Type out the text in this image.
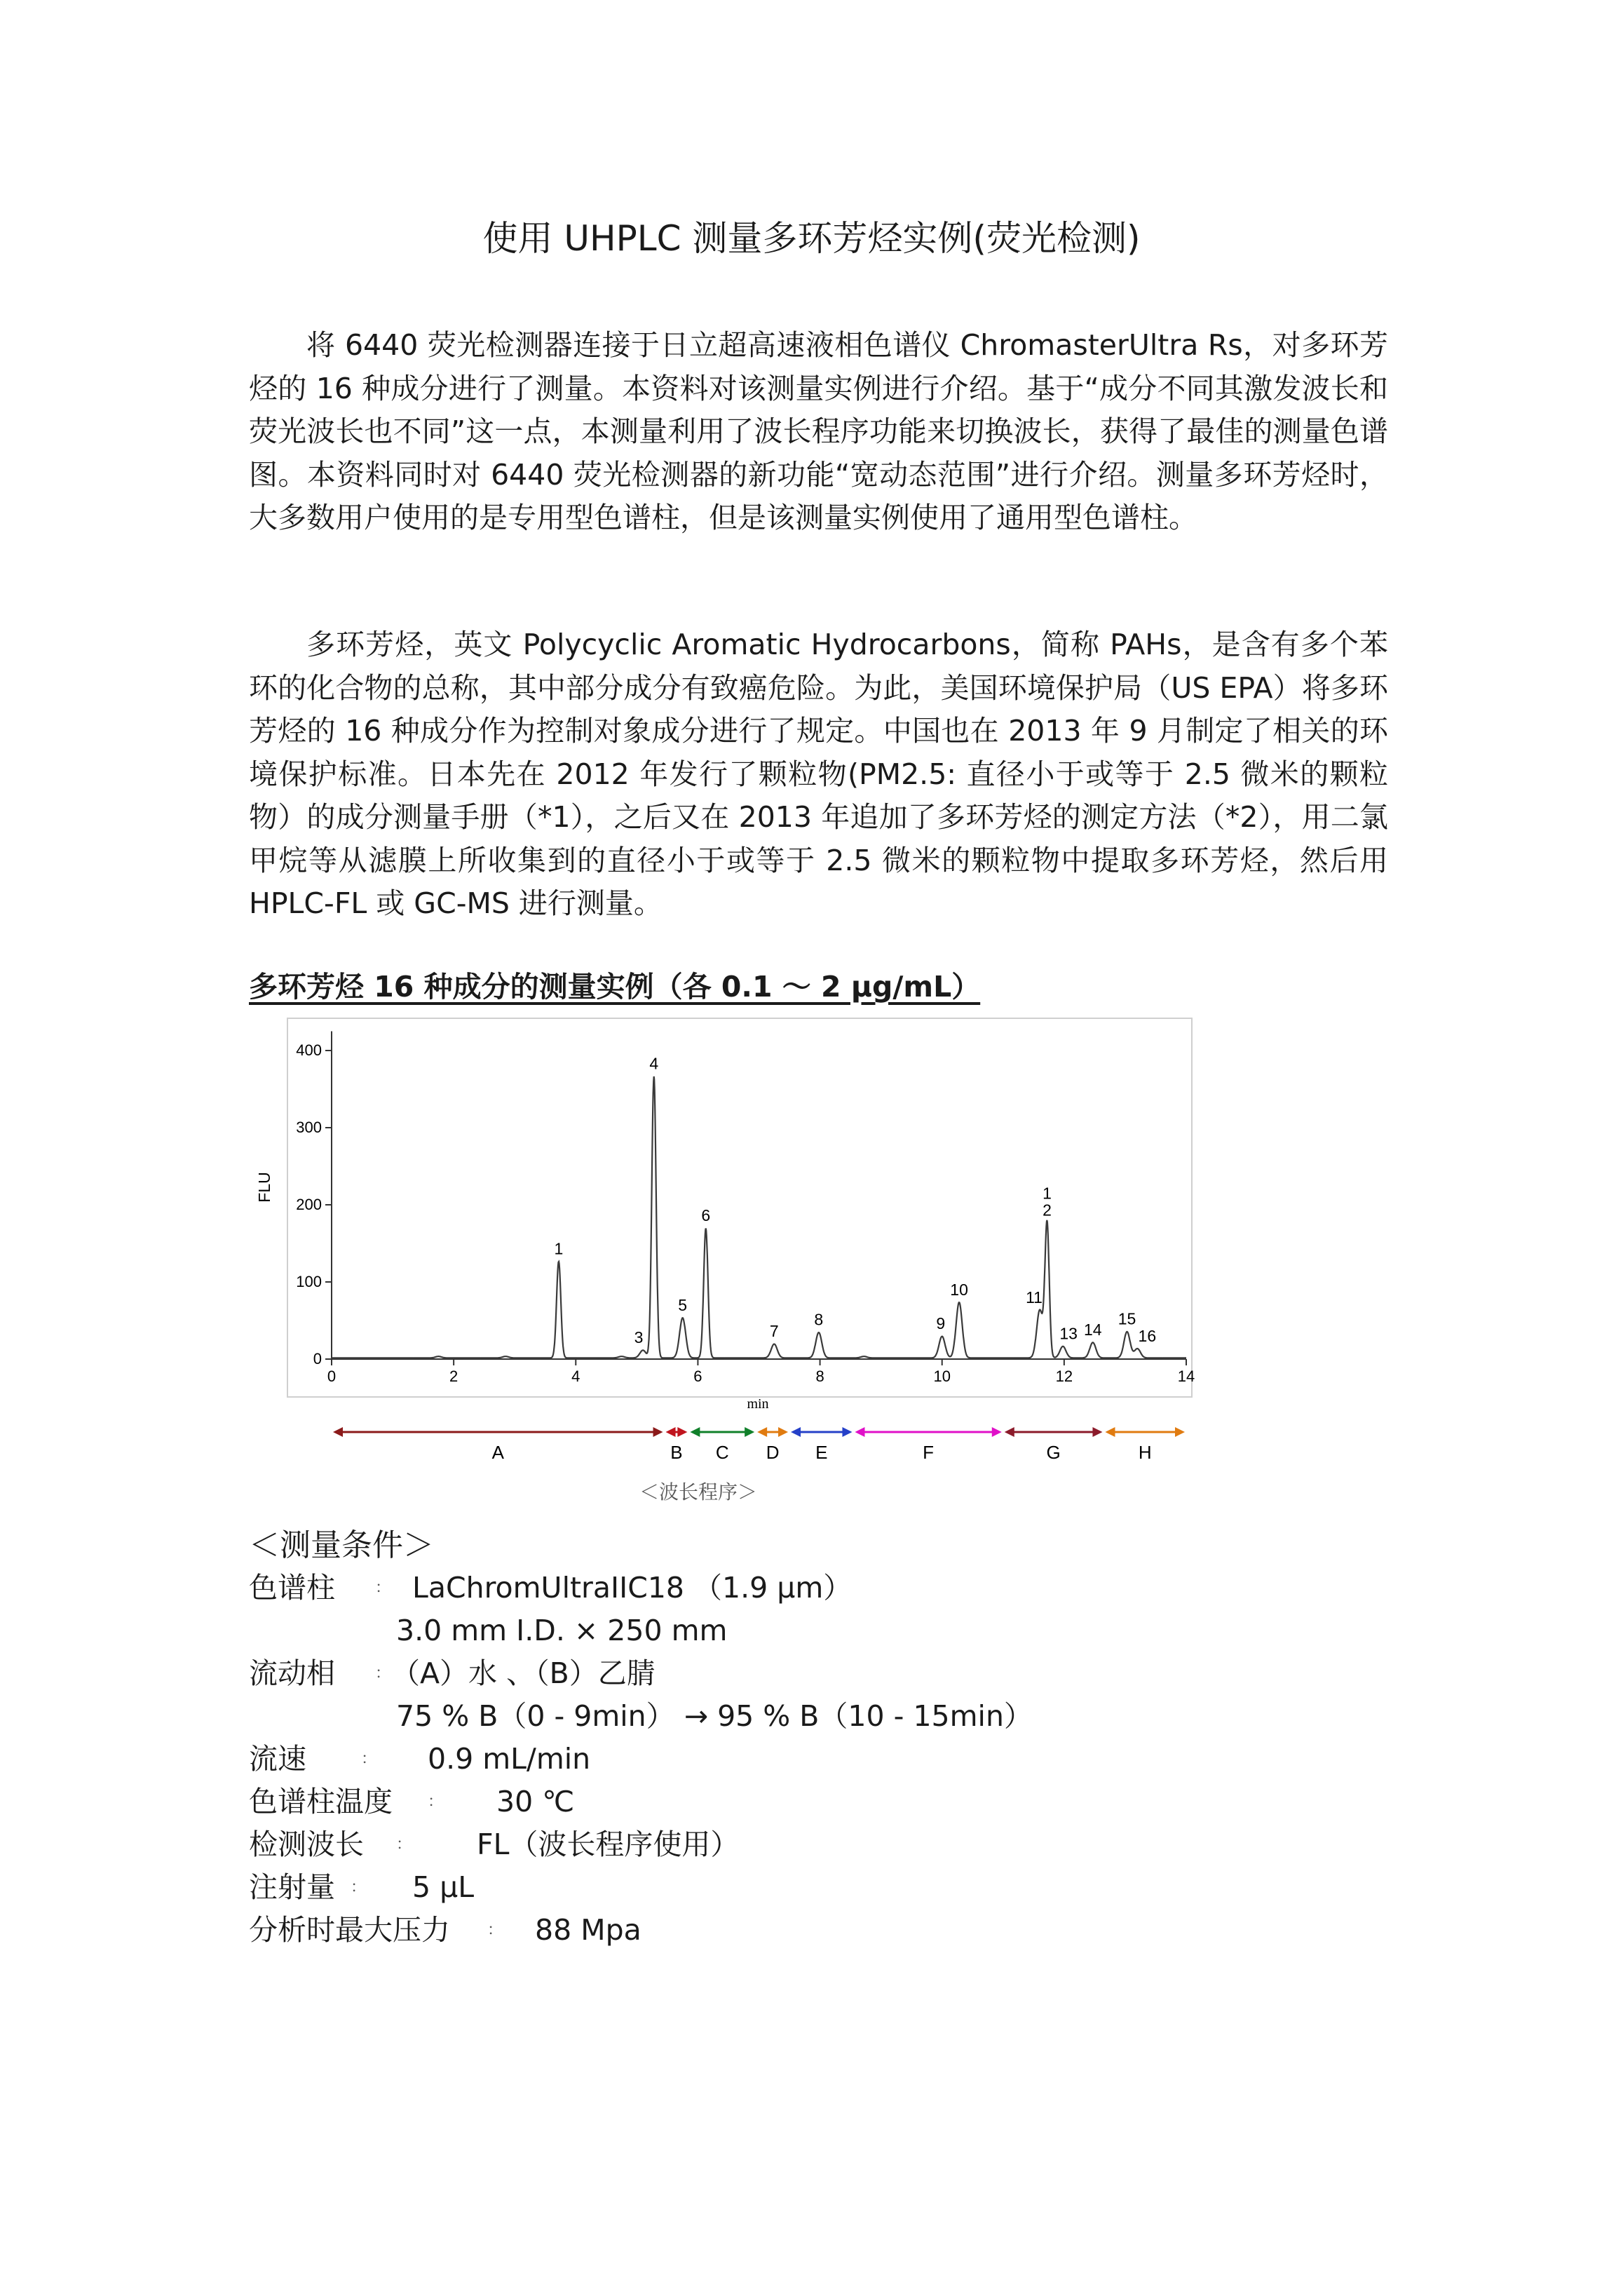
使用 UHPLC 测量多环芳烃实例(荧光检测)

将 6440 荧光检测器连接于日立超高速液相色谱仪 ChromasterUltra Rs，对多环芳烃的 16 种成分进行了测量。本资料对该测量实例进行介绍。基于“成分不同其激发波长和荧光波长也不同”这一点，本测量利用了波长程序功能来切换波长，获得了最佳的测量色谱图。本资料同时对 6440 荧光检测器的新功能“宽动态范围”进行介绍。测量多环芳烃时，大多数用户使用的是专用型色谱柱，但是该测量实例使用了通用型色谱柱。

多环芳烃，英文 Polycyclic Aromatic Hydrocarbons，简称 PAHs，是含有多个苯环的化合物的总称，其中部分成分有致癌危险。为此，美国环境保护局（US EPA）将多环芳烃的 16 种成分作为控制对象成分进行了规定。中国也在 2013 年 9 月制定了相关的环境保护标准。日本先在 2012 年发行了颗粒物(PM2.5: 直径小于或等于 2.5 微米的颗粒物）的成分测量手册（*1），之后又在 2013 年追加了多环芳烃的测定方法（*2），用二氯甲烷等从滤膜上所收集到的直径小于或等于 2.5 微米的颗粒物中提取多环芳烃，然后用 HPLC-FL 或 GC-MS 进行测量。

多环芳烃 16 种成分的测量实例（各 0.1 ～ 2 μg/mL）
1
3
4
5
6
7
8	9
10	11
1
2
13 14
15
16
0	2	4	6	8	10	12	14
0
100
200
300
400
FLU
min
A	B C D E	F	G	H
＜波长程序＞
＜测量条件＞
色谱柱	： LaChromUltraIIC18 （1.9 μm）
3.0 mm I.D. × 250 mm
流动相	： （A）水 、（B）乙腈
75 % B（0 - 9min） → 95 % B（10 - 15min）
流速	： 0.9 mL/min
色谱柱温度 ： 30 ℃
检测波长 ： FL（波长程序使用）
注射量 ： 5 μL
分析时最大压力 ： 88 Mpa
